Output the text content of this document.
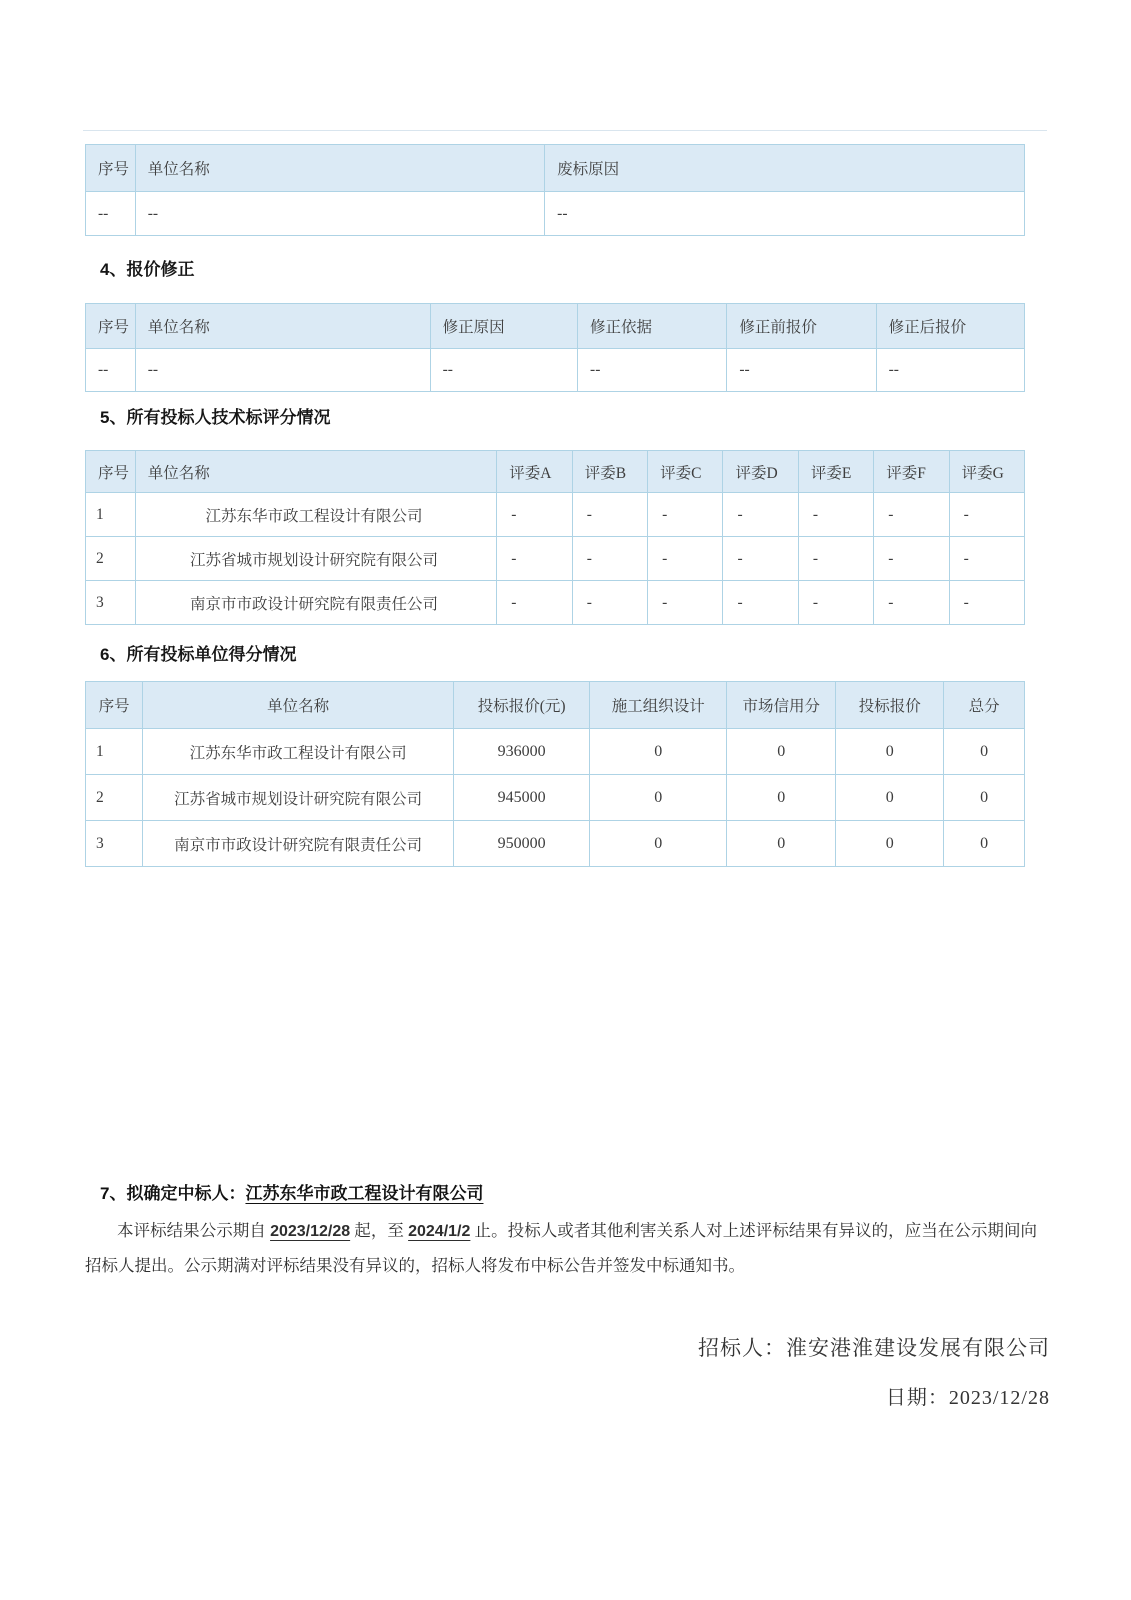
序号	单位名称	废标原因
--	--	--
4、报价修正
序号	单位名称	修正原因	修正依据	修正前报价	修正后报价
--	--	--	--	--	--
5、所有投标人技术标评分情况
序号	单位名称	评委A	评委B	评委C	评委D	评委E	评委F	评委G
1	江苏东华市政工程设计有限公司	-	-	-	-	-	-	-
2	江苏省城市规划设计研究院有限公司	-	-	-	-	-	-	-
3	南京市市政设计研究院有限责任公司	-	-	-	-	-	-	-
6、所有投标单位得分情况
序号	单位名称	投标报价(元)	施工组织设计	市场信用分	投标报价	总分
1	江苏东华市政工程设计有限公司	936000	0	0	0	0
2	江苏省城市规划设计研究院有限公司	945000	0	0	0	0
3	南京市市政设计研究院有限责任公司	950000	0	0	0	0
7、拟确定中标人：江苏东华市政工程设计有限公司

本评标结果公示期自 2023/12/28 起，至 2024/1/2 止。投标人或者其他利害关系人对上述评标结果有异议的，应当在公示期间向招标人提出。公示期满对评标结果没有异议的，招标人将发布中标公告并签发中标通知书。

招标人：淮安港淮建设发展有限公司
日期：2023/12/28
